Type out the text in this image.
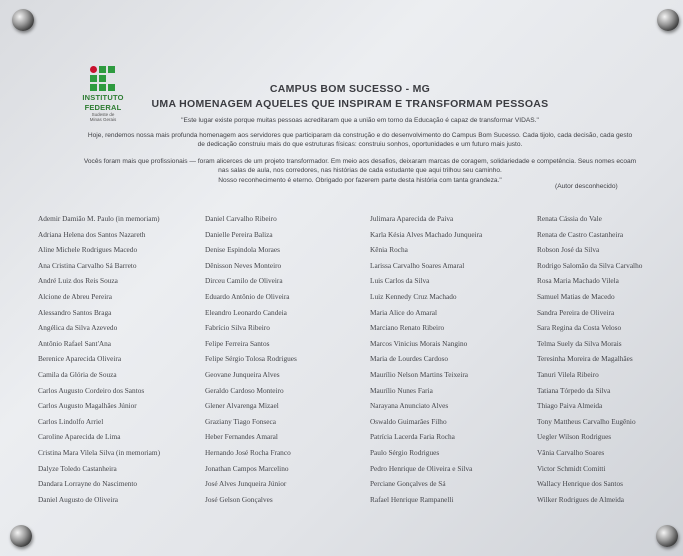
INSTITUTO
FEDERAL
Sudeste de
Minas Gerais
CAMPUS BOM SUCESSO - MG
UMA HOMENAGEM AQUELES QUE INSPIRAM E TRANSFORMAM PESSOAS
"Este lugar existe porque muitas pessoas acreditaram que a união em torno da Educação é capaz de transformar VIDAS."
Hoje, rendemos nossa mais profunda homenagem aos servidores que participaram da construção e do desenvolvimento do Campus Bom Sucesso. Cada tijolo, cada decisão, cada gesto
de dedicação construiu mais do que estruturas físicas: construiu sonhos, oportunidades e um futuro mais justo.
Vocês foram mais que profissionais — foram alicerces de um projeto transformador. Em meio aos desafios, deixaram marcas de coragem, solidariedade e competência. Seus nomes ecoam
nas salas de aula, nos corredores, nas histórias de cada estudante que aqui trilhou seu caminho.
Nosso reconhecimento é eterno. Obrigado por fazerem parte desta história com tanta grandeza."
(Autor desconhecido)
Ademir Damião M. Paulo (in memoriam)
Adriana Helena dos Santos Nazareth
Aline Michele Rodrigues Macedo
Ana Cristina Carvalho Sá Barreto
André Luiz dos Reis Souza
Alcione de Abreu Pereira
Alessandro Santos Braga
Angélica da Silva Azevedo
Antônio Rafael Sant'Ana
Berenice Aparecida Oliveira
Camila da Glória de Souza
Carlos Augusto Cordeiro dos Santos
Carlos Augusto Magalhães Júnior
Carlos Lindolfo Arriel
Caroline Aparecida de Lima
Cristina Mara Vilela Silva (in memoriam)
Dalyze Toledo Castanheira
Dandara Lorrayne do Nascimento
Daniel Augusto de Oliveira
Daniel Carvalho Ribeiro
Danielle Pereira Baliza
Denise Espindola Moraes
Dênisson Neves Monteiro
Dirceu Camilo de Oliveira
Eduardo Antônio de Oliveira
Eleandro Leonardo Candeia
Fabrício Silva Ribeiro
Felipe Ferreira Santos
Felipe Sérgio Tolosa Rodrigues
Geovane Junqueira Alves
Geraldo Cardoso Monteiro
Glener Alvarenga Mizael
Graziany Tiago Fonseca
Heber Fernandes Amaral
Hernando José Rocha Franco
Jonathan Campos Marcelino
José Alves Junqueira Júnior
José Gelson Gonçalves
Julimara Aparecida de Paiva
Karla Késia Alves Machado Junqueira
Kênia Rocha
Larissa Carvalho Soares Amaral
Luis Carlos da Silva
Luiz Kennedy Cruz Machado
Maria Alice do Amaral
Marciano Renato Ribeiro
Marcos Vinicius Morais Nangino
Maria de Lourdes Cardoso
Maurílio Nelson Martins Teixeira
Maurílio Nunes Faria
Narayana Anunciato Alves
Oswaldo Guimarães Filho
Patrícia Lacerda Faria Rocha
Paulo Sérgio Rodrigues
Pedro Henrique de Oliveira e Silva
Perciane Gonçalves de Sá
Rafael Henrique Rampanelli
Renata Cássia do Vale
Renata de Castro Castanheira
Robson José da Silva
Rodrigo Salomão da Silva Carvalho
Rosa Maria Machado Vilela
Samuel Matias de Macedo
Sandra Pereira de Oliveira
Sara Regina da Costa Veloso
Telma Suely da Silva Morais
Teresinha Moreira de Magalhães
Tanuri Vilela Ribeiro
Tatiana Tórpedo da Silva
Thiago Paiva Almeida
Tony Mattheus Carvalho Eugênio
Uegler Wilson Rodrigues
Vânia Carvalho Soares
Victor Schmidt Comitti
Wallacy Henrique dos Santos
Wilker Rodrigues de Almeida
